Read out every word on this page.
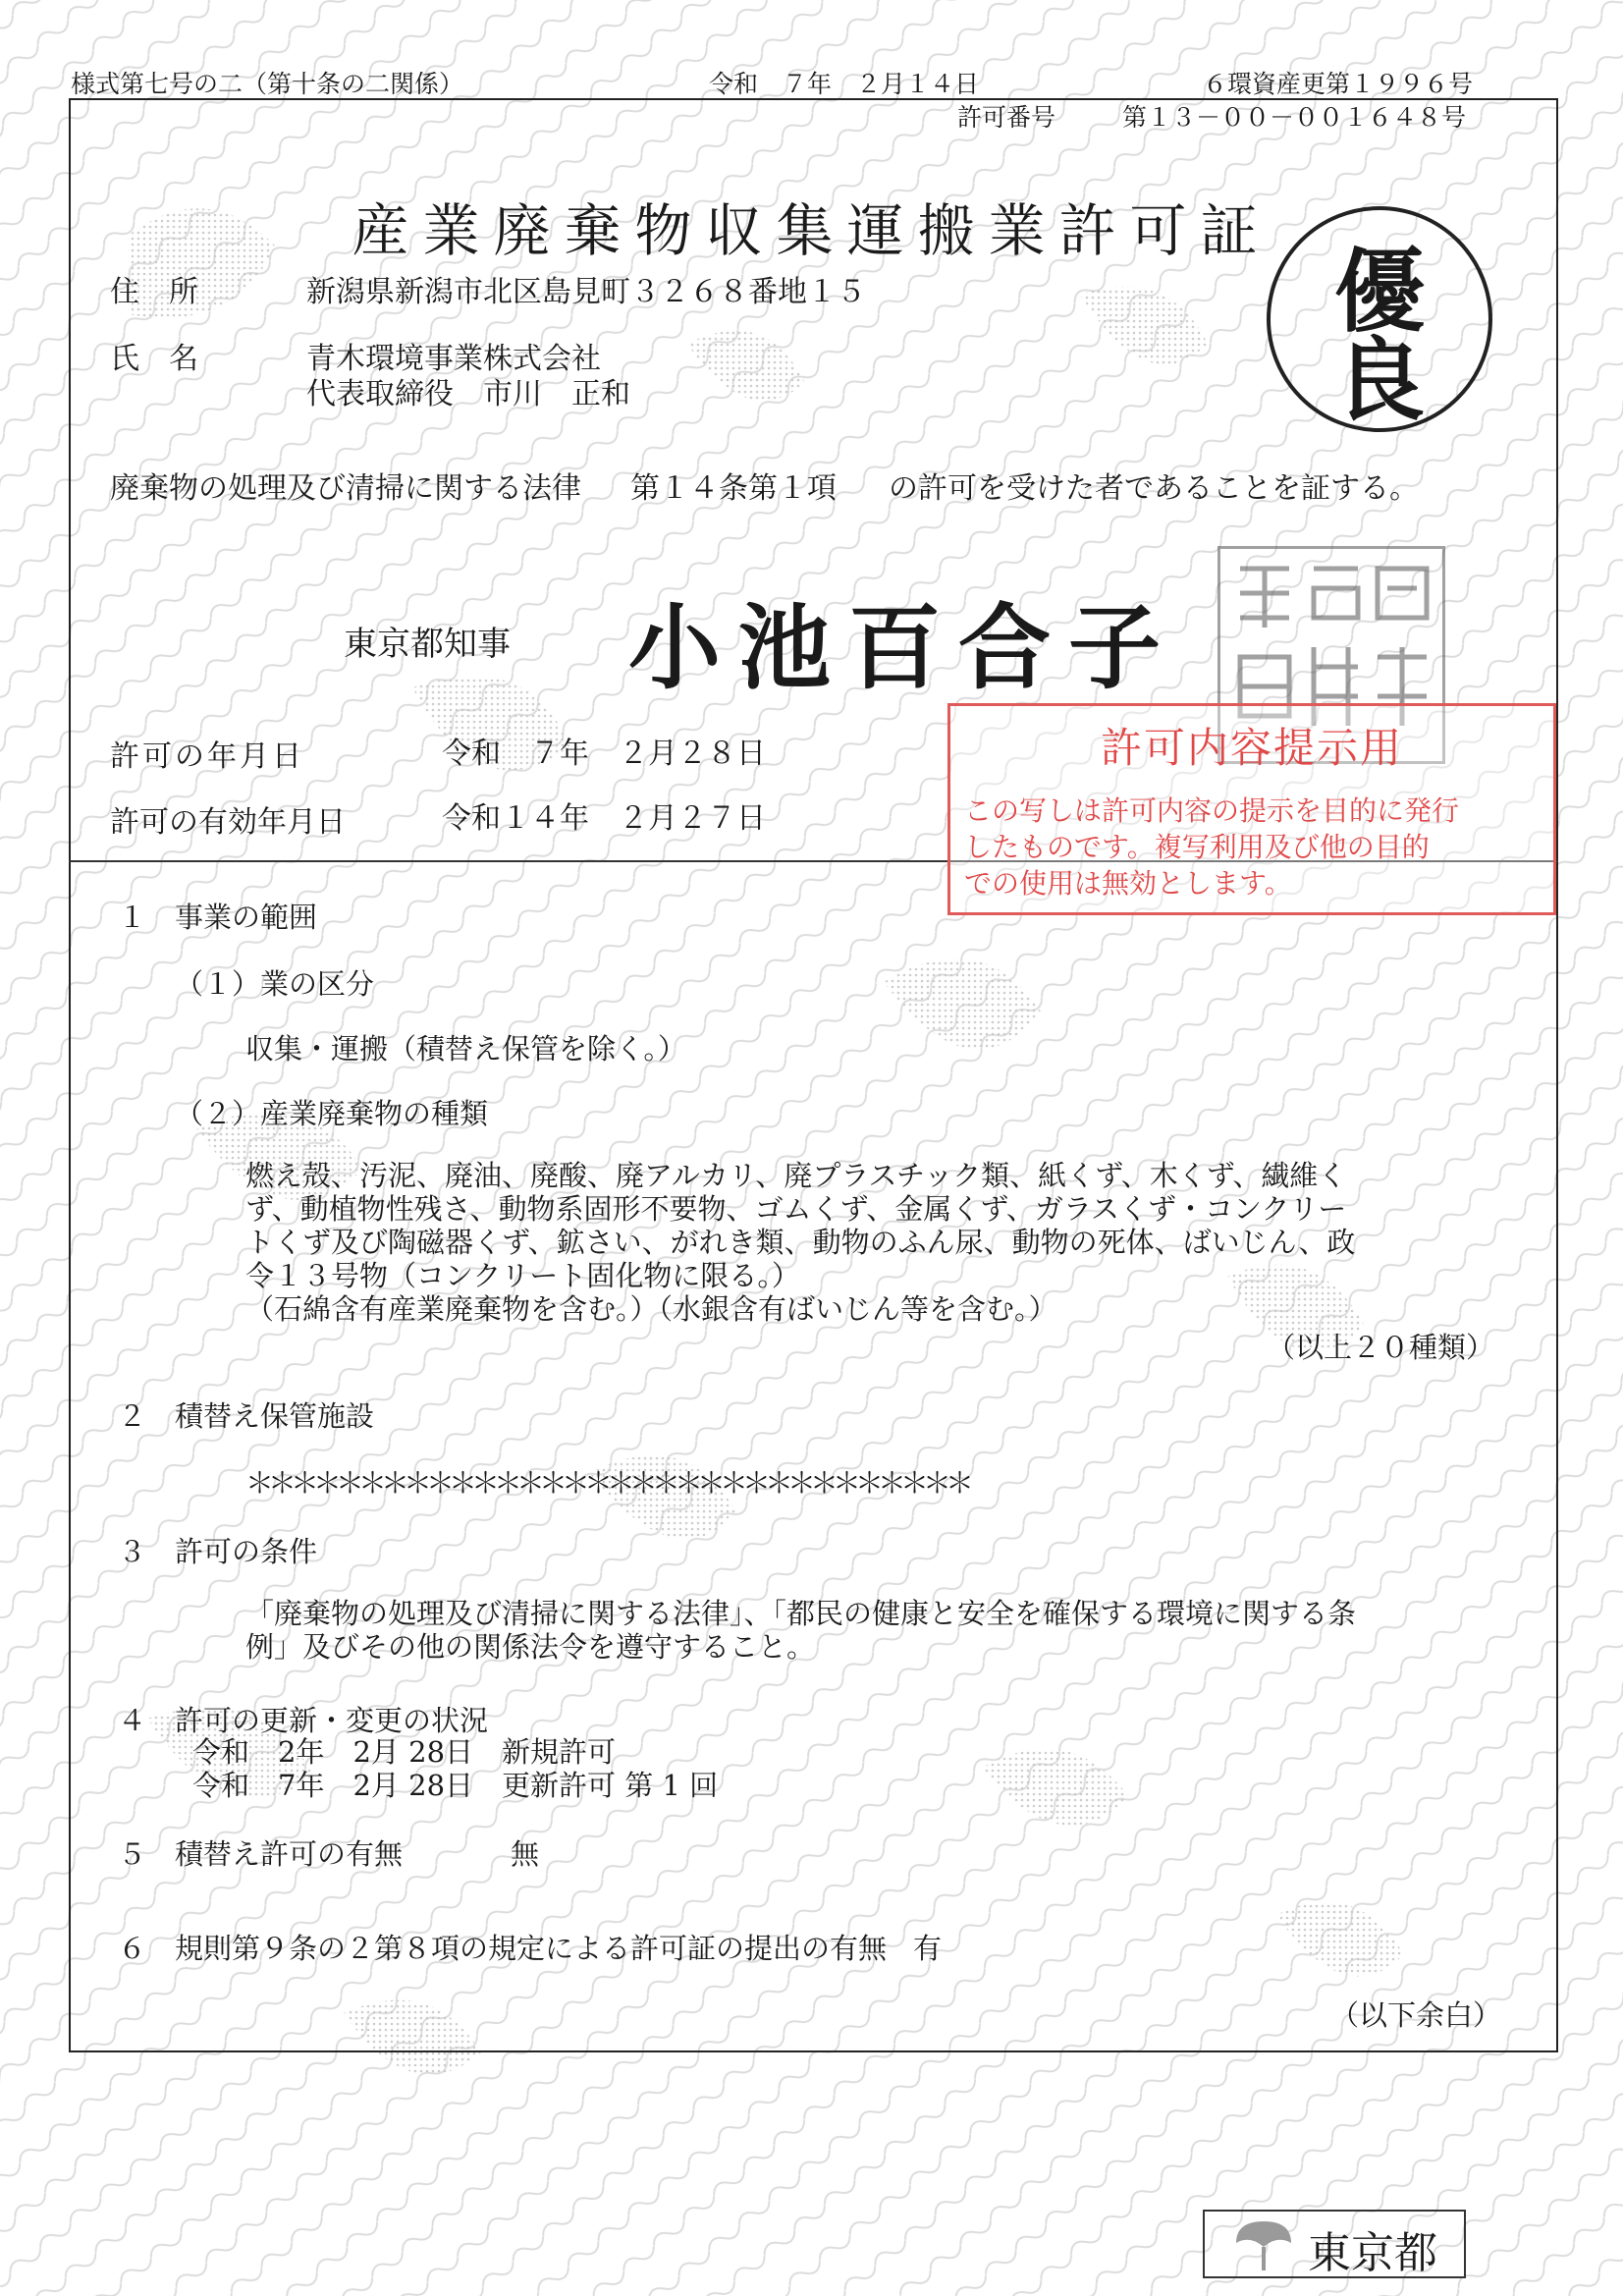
様式第七号の二（第十条の二関係）	令和　７年　２月１４日	６環資産更第１９９６号
許可番号	第１３－００－００１６４８号
産業廃棄物収集運搬業許可証
優
良
住　所	新潟県新潟市北区島見町３２６８番地１５
氏　名	青木環境事業株式会社
代表取締役　市川　正和
廃棄物の処理及び清掃に関する法律 第１４条第１項 の許可を受けた者であることを証する。
東京都知事 小池百合子
許可の年月日	令和　７年　２月２８日
許可の有効年月日	令和１４年　２月２７日
許可内容提示用
この写しは許可内容の提示を目的に発行
したものです。複写利用及び他の目的
での使用は無効とします。
１　事業の範囲
（１）業の区分
収集・運搬（積替え保管を除く。）
（２）産業廃棄物の種類
燃え殻、汚泥、廃油、廃酸、廃アルカリ、廃プラスチック類、紙くず、木くず、繊維く
ず、動植物性残さ、動物系固形不要物、ゴムくず、金属くず、ガラスくず・コンクリー
トくず及び陶磁器くず、鉱さい、がれき類、動物のふん尿、動物の死体、ばいじん、政
令１３号物（コンクリート固化物に限る。）
（石綿含有産業廃棄物を含む。）（水銀含有ばいじん等を含む。）
（以上２０種類）
２　積替え保管施設
＊＊＊＊＊＊＊＊＊＊＊＊＊＊＊＊＊＊＊＊＊＊＊＊＊＊＊＊＊＊＊＊
３　許可の条件
「廃棄物の処理及び清掃に関する法律」、「都民の健康と安全を確保する環境に関する条
例」及びその他の関係法令を遵守すること。
４　許可の更新・変更の状況
令和　2年　2月 28日　新規許可
令和　7年　2月 28日　更新許可 第 1 回
５　積替え許可の有無	無
６　規則第９条の２第８項の規定による許可証の提出の有無 有
（以下余白）
東京都
